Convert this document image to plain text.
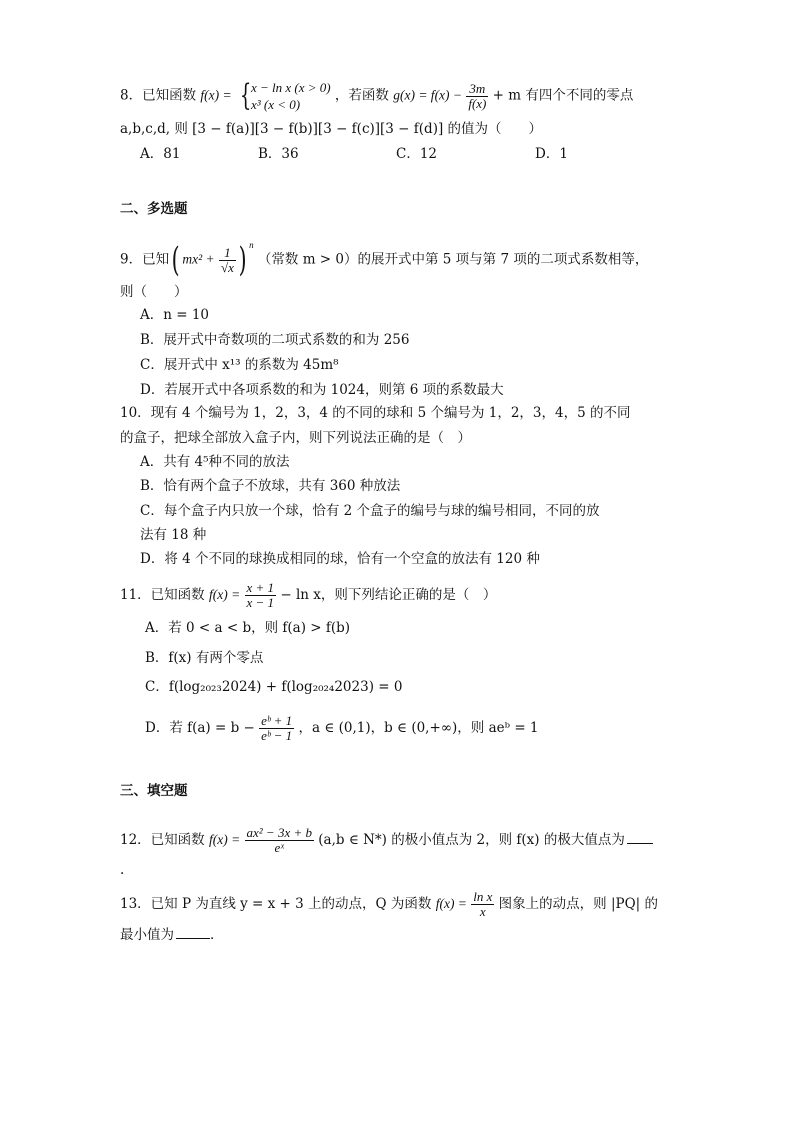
8．已知函数 f(x) = { x − ln x (x > 0)
x³ (x < 0)
，若函数 $g(x) = f(x) - \frac{3m}{f(x)} + m$ 有四个不同的零点
a,b,c,d, 则 [3 − f(a)][3 − f(b)][3 − f(c)][3 − f(d)] 的值为（　　）
A．81	B．36	C．12	D．1
二、多选题
9．已知( $mx^2 + \frac{1}{√x}$ ) $^n$ （常数 m > 0）的展开式中第 5 项与第 7 项的二项式系数相等，
则（　　）
A．n = 10
B．展开式中奇数项的二项式系数的和为 256
C．展开式中 x¹³ 的系数为 45m⁸
D．若展开式中各项系数的和为 1024，则第 6 项的系数最大
10．现有 4 个编号为 1，2，3，4 的不同的球和 5 个编号为 1，2，3，4，5 的不同
的盒子，把球全部放入盒子内，则下列说法正确的是（　）
A．共有 4⁵种不同的放法
B．恰有两个盒子不放球，共有 360 种放法
C．每个盒子内只放一个球，恰有 2 个盒子的编号与球的编号相同，不同的放
法有 18 种
D．将 4 个不同的球换成相同的球，恰有一个空盒的放法有 120 种
11．已知函数 $f(x) = \frac{x + 1}{x - 1} - \ln x$，则下列结论正确的是（　）
A．若 0 < a < b，则 f(a) > f(b)
B．f(x) 有两个零点
C．f(log₂₀₂₃2024) + f(log₂₀₂₄2023) = 0
D．若 $f(a) = b - \frac{\text{eᵇ + 1}}{\text{eᵇ − 1}}$ ，a ∈ (0,1)，b ∈ (0,+∞)，则 aeᵇ = 1
三、填空题
12．已知函数 $f(x) = \frac{\text{ax² − 3x + b}}{\text{eˣ}} (a,b$ ∈ N*) 的极小值点为 2，则 f(x) 的极大值点为
.
13．已知 P 为直线 y = x + 3 上的动点，Q 为函数 $f(x) = \frac{\text{ln x}}{x}$ 图象上的动点，则 |PQ| 的
最小值为	．
